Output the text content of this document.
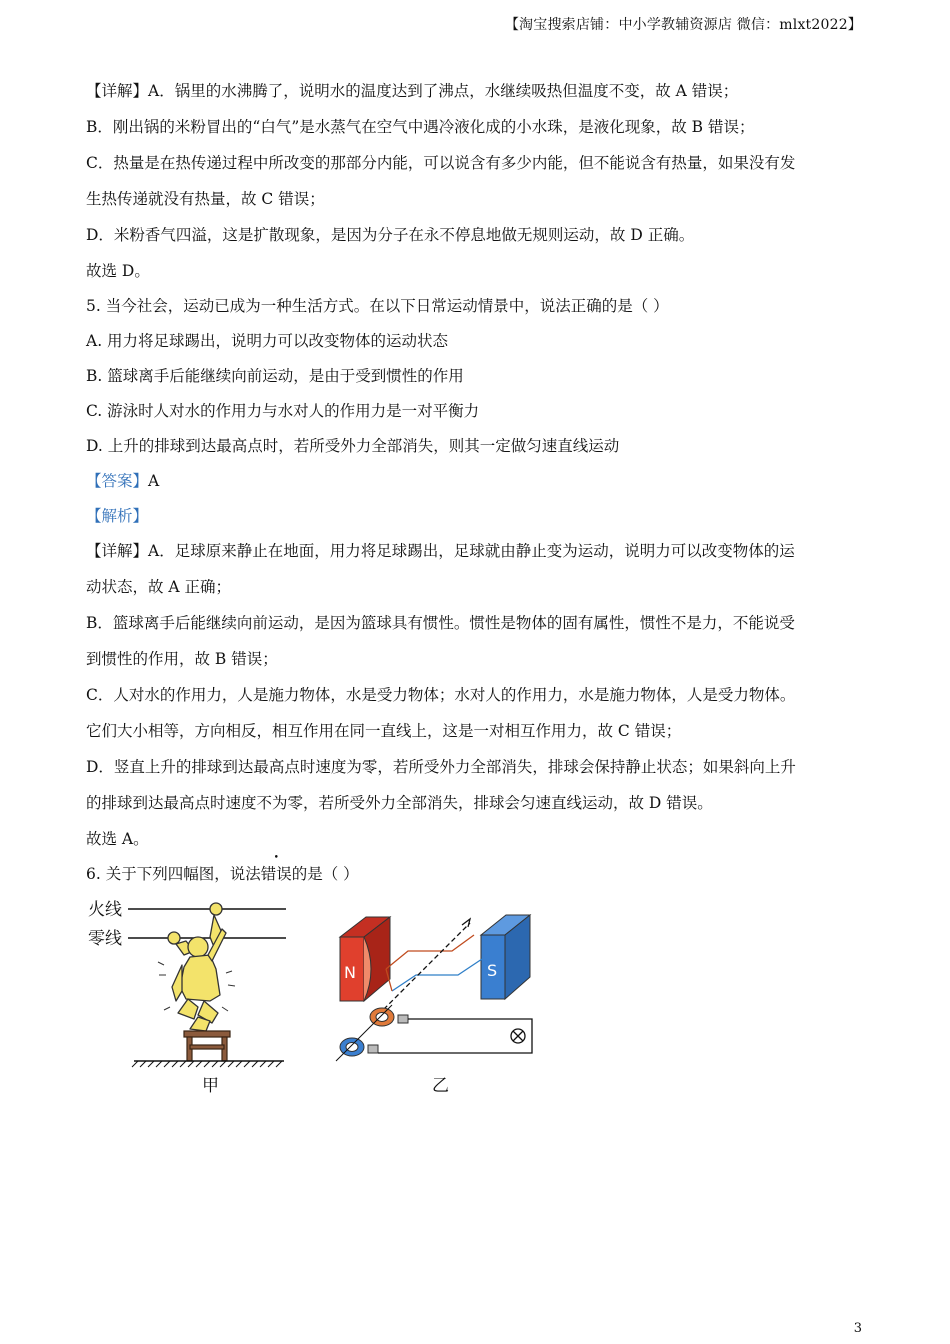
【淘宝搜索店铺：中小学教辅资源店 微信：mlxt2022】

【详解】A．锅里的水沸腾了，说明水的温度达到了沸点，水继续吸热但温度不变，故 A 错误；

B．刚出锅的米粉冒出的“白气”是水蒸气在空气中遇冷液化成的小水珠，是液化现象，故 B 错误；

C．热量是在热传递过程中所改变的那部分内能，可以说含有多少内能，但不能说含有热量，如果没有发

生热传递就没有热量，故 C 错误；

D．米粉香气四溢，这是扩散现象，是因为分子在永不停息地做无规则运动，故 D 正确。

故选 D。

5. 当今社会，运动已成为一种生活方式。在以下日常运动情景中，说法正确的是（ ）

A. 用力将足球踢出，说明力可以改变物体的运动状态

B. 篮球离手后能继续向前运动，是由于受到惯性的作用

C. 游泳时人对水的作用力与水对人的作用力是一对平衡力

D. 上升的排球到达最高点时，若所受外力全部消失，则其一定做匀速直线运动

【答案】A

【解析】

【详解】A．足球原来静止在地面，用力将足球踢出，足球就由静止变为运动，说明力可以改变物体的运

动状态，故 A 正确；

B．篮球离手后能继续向前运动，是因为篮球具有惯性。惯性是物体的固有属性，惯性不是力，不能说受

到惯性的作用，故 B 错误；

C．人对水的作用力，人是施力物体，水是受力物体；水对人的作用力，水是施力物体，人是受力物体。

它们大小相等，方向相反，相互作用在同一直线上，这是一对相互作用力，故 C 错误；

D．竖直上升的排球到达最高点时速度为零，若所受外力全部消失，排球会保持静止状态；如果斜向上升

的排球到达最高点时速度不为零，若所受外力全部消失，排球会匀速直线运动，故 D 错误。

故选 A。

6. 关于下列四幅图，说法错误的是（ ）

火线
零线
甲
N	S
乙
3
